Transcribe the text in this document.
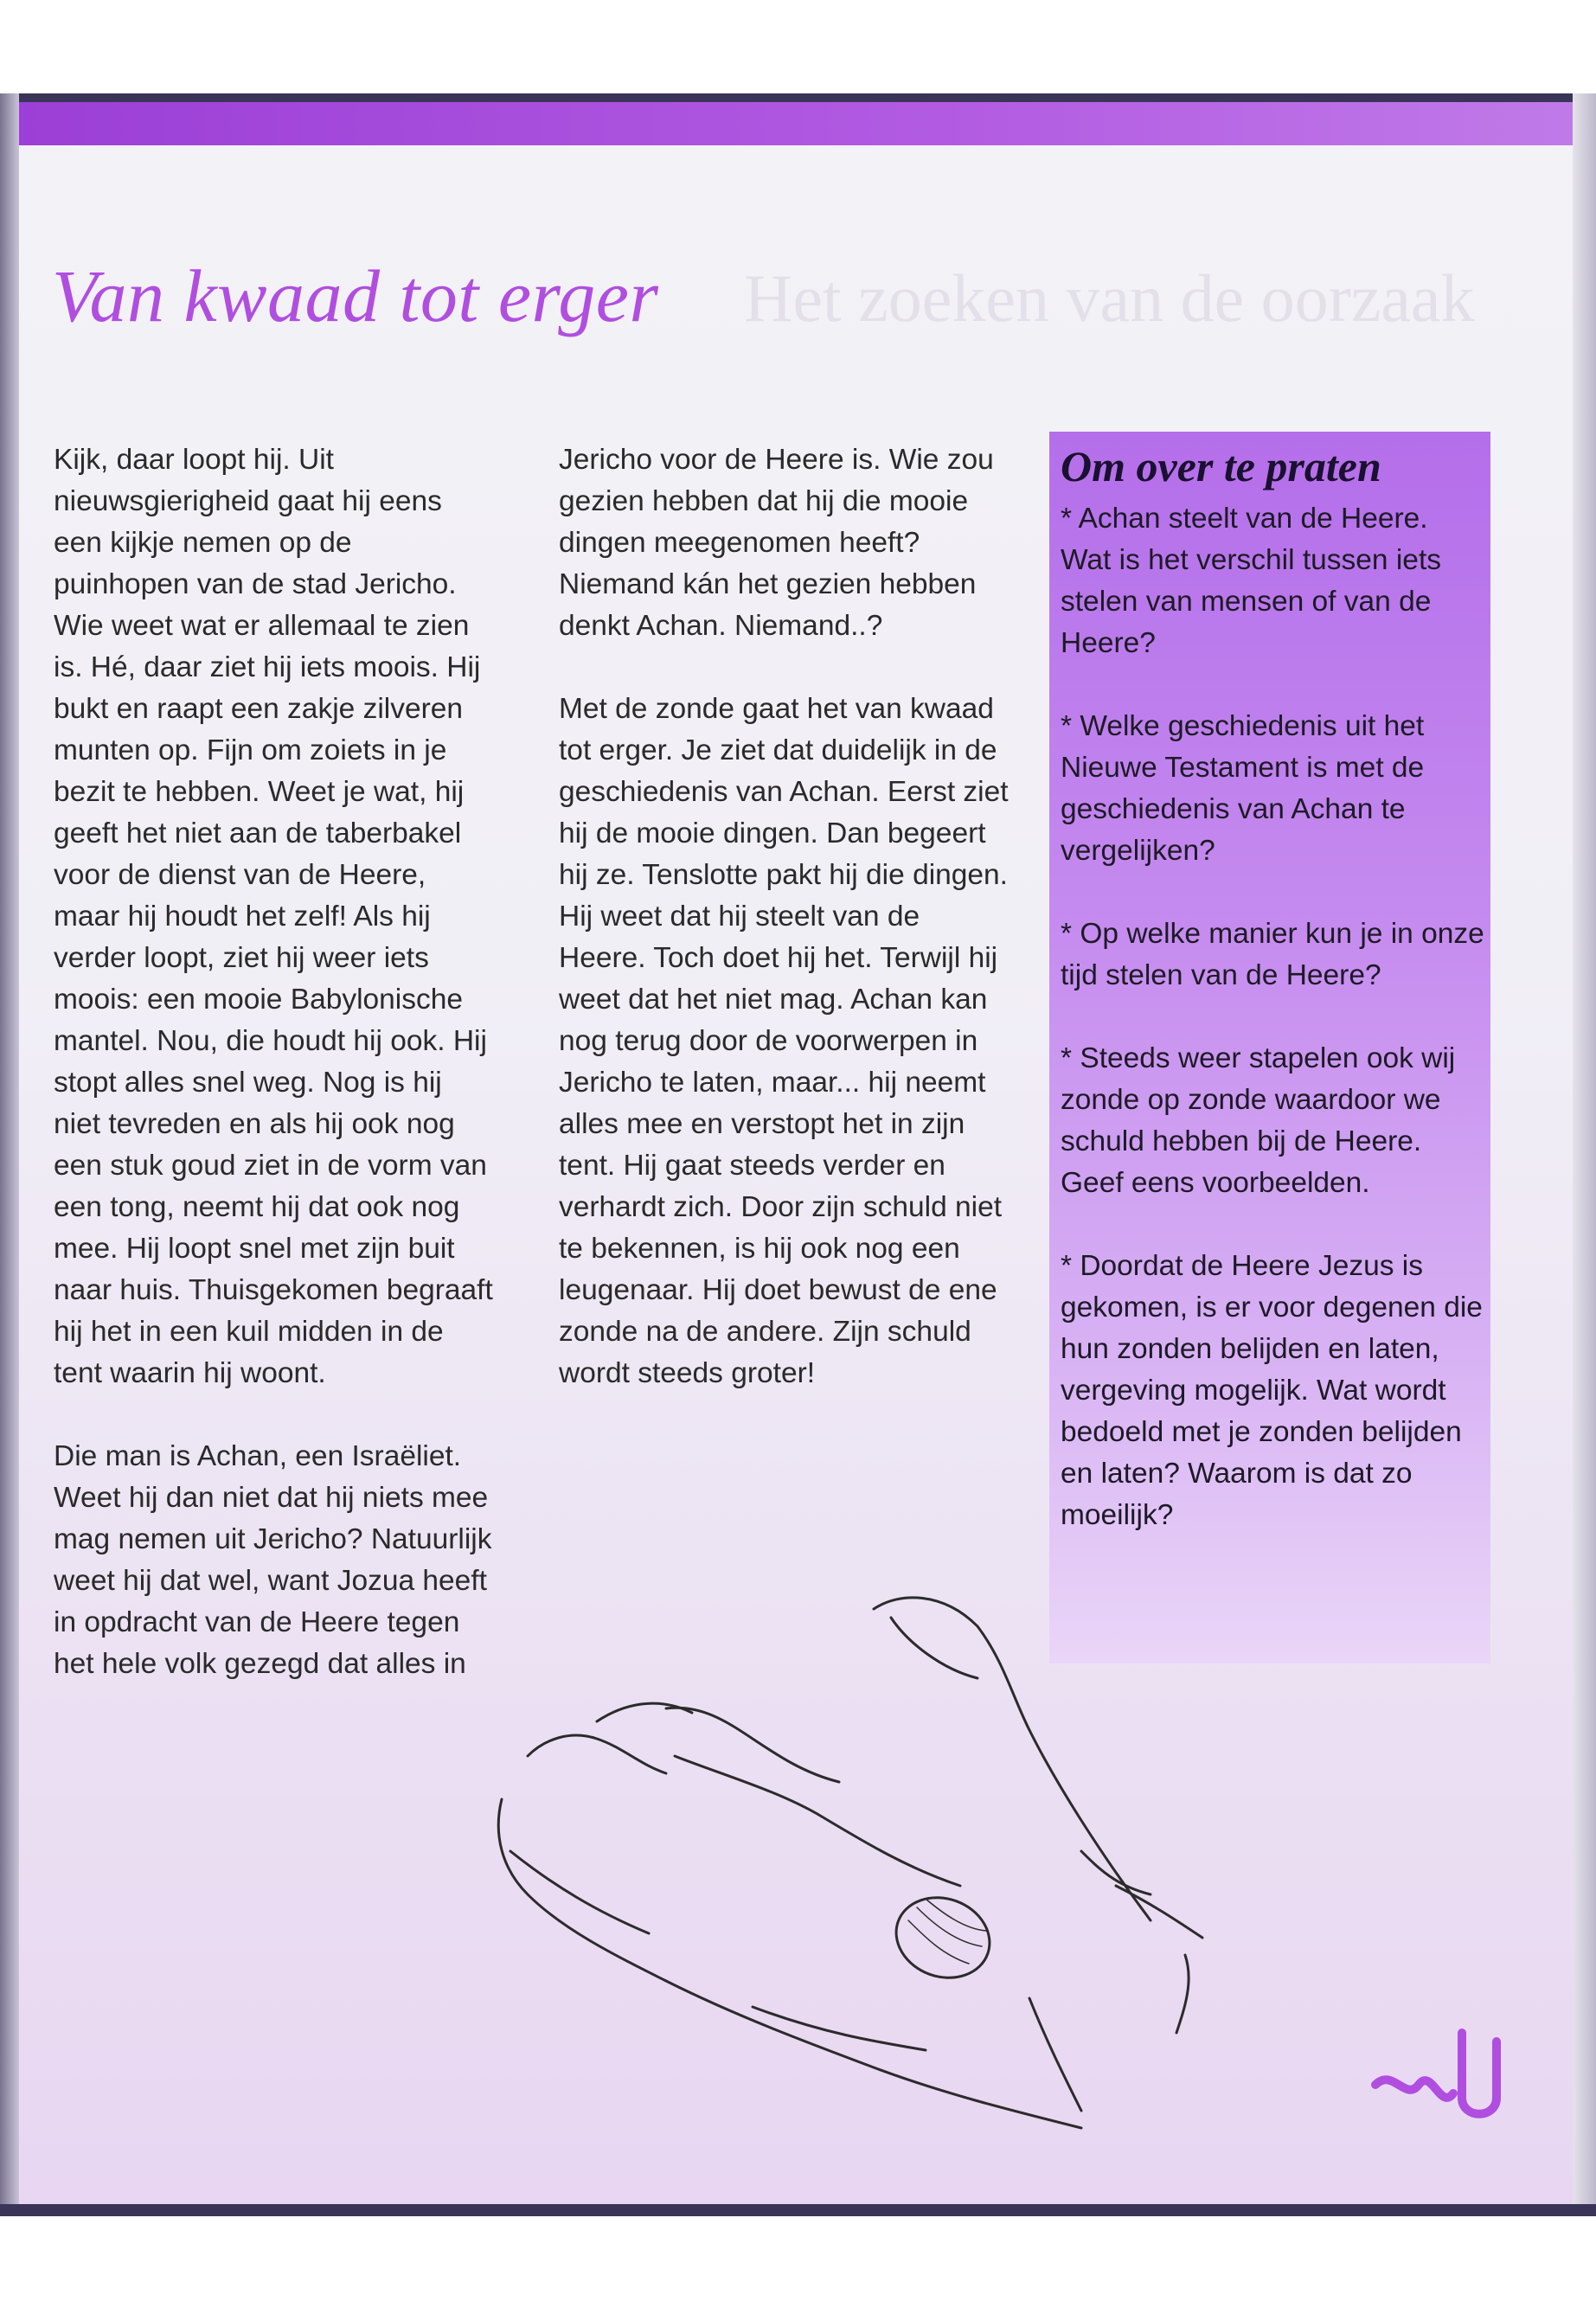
Het zoeken van de oorzaak
Van kwaad tot erger

Kijk, daar loopt hij. Uit nieuwsgierigheid gaat hij eens een kijkje nemen op de puinhopen van de stad Jericho. Wie weet wat er allemaal te zien is. Hé, daar ziet hij iets moois. Hij bukt en raapt een zakje zilveren munten op. Fijn om zoiets in je bezit te hebben. Weet je wat, hij geeft het niet aan de taberbakel voor de dienst van de Heere, maar hij houdt het zelf! Als hij verder loopt, ziet hij weer iets moois: een mooie Babylonische mantel. Nou, die houdt hij ook. Hij stopt alles snel weg. Nog is hij niet tevreden en als hij ook nog een stuk goud ziet in de vorm van een tong, neemt hij dat ook nog mee. Hij loopt snel met zijn buit naar huis. Thuisgekomen begraaft hij het in een kuil midden in de tent waarin hij woont.

Die man is Achan, een Israëliet. Weet hij dan niet dat hij niets mee mag nemen uit Jericho? Natuurlijk weet hij dat wel, want Jozua heeft in opdracht van de Heere tegen het hele volk gezegd dat alles in

Jericho voor de Heere is. Wie zou gezien hebben dat hij die mooie dingen meegenomen heeft? Niemand kán het gezien hebben denkt Achan. Niemand..?

Met de zonde gaat het van kwaad tot erger. Je ziet dat duidelijk in de geschiedenis van Achan. Eerst ziet hij de mooie dingen. Dan begeert hij ze. Tenslotte pakt hij die dingen. Hij weet dat hij steelt van de Heere. Toch doet hij het. Terwijl hij weet dat het niet mag. Achan kan nog terug door de voorwerpen in Jericho te laten, maar... hij neemt alles mee en verstopt het in zijn tent. Hij gaat steeds verder en verhardt zich. Door zijn schuld niet te bekennen, is hij ook nog een leugenaar. Hij doet bewust de ene zonde na de andere. Zijn schuld wordt steeds groter!

Om over te praten

* Achan steelt van de Heere. Wat is het verschil tussen iets stelen van mensen of van de Heere?

* Welke geschiedenis uit het Nieuwe Testament is met de geschiedenis van Achan te vergelijken?

* Op welke manier kun je in onze tijd stelen van de Heere?

* Steeds weer stapelen ook wij zonde op zonde waardoor we schuld hebben bij de Heere. Geef eens voorbeelden.

* Doordat de Heere Jezus is gekomen, is er voor degenen die hun zonden belijden en laten, vergeving mogelijk. Wat wordt bedoeld met je zonden belijden en laten? Waarom is dat zo moeilijk?
